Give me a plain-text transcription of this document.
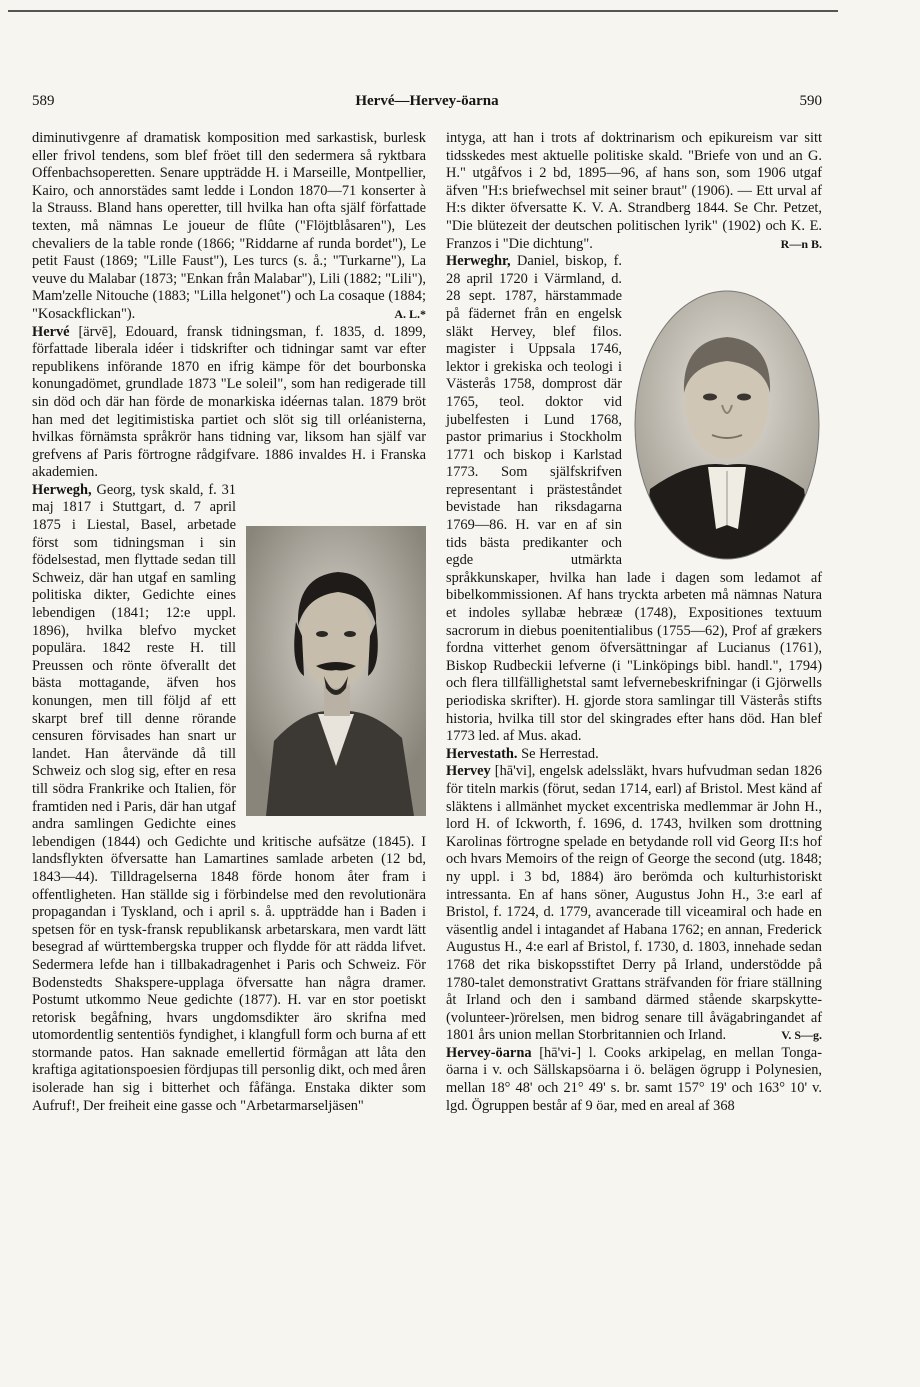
589	Hervé—Hervey-öarna	590

diminutivgenre af dramatisk komposition med sarkastisk, burlesk eller frivol tendens, som blef fröet till den sedermera så ryktbara Offenbachsoperetten. Senare uppträdde H. i Marseille, Montpellier, Kairo, och annorstädes samt ledde i London 1870—71 konserter à la Strauss. Bland hans operetter, till hvilka han ofta själf författade texten, må nämnas Le joueur de flûte ("Flöjtblåsaren"), Les chevaliers de la table ronde (1866; "Riddarne af runda bordet"), Le petit Faust (1869; "Lille Faust"), Les turcs (s. å.; "Turkarne"), La veuve du Malabar (1873; "Enkan från Malabar"), Lili (1882; "Lili"), Mam'zelle Nitouche (1883; "Lilla helgonet") och La cosaque (1884; "Kosackflickan").	A. L.*

Hervé [ärvē], Edouard, fransk tidningsman, f. 1835, d. 1899, författade liberala idéer i tidskrifter och tidningar samt var efter republikens införande 1870 en ifrig kämpe för det bourbonska konungadömet, grundlade 1873 "Le soleil", som han redigerade till sin död och där han förde de monarkiska idéernas talan. 1879 bröt han med det legitimistiska partiet och slöt sig till orléanisterna, hvilkas förnämsta språkrör hans tidning var, liksom han själf var grefvens af Paris förtrogne rådgifvare. 1886 invaldes H. i Franska akademien.

Herwegh, Georg, tysk skald, f. 31 maj 1817 i Stuttgart, d. 7 april 1875 i Liestal, Basel, arbetade först som tidningsman i sin födelsestad, men flyttade sedan till Schweiz, där han utgaf en samling politiska dikter, Gedichte eines lebendigen (1841; 12:e uppl. 1896), hvilka blefvo mycket populära. 1842 reste H. till Preussen och rönte öfverallt det bästa mottagande, äfven hos konungen, men till följd af ett skarpt bref till denne rörande censuren förvisades han snart ur landet. Han återvände då till Schweiz och slog sig, efter en resa till södra Frankrike och Italien, för framtiden ned i Paris, där han utgaf andra samlingen Gedichte eines lebendigen (1844) och Gedichte und kritische aufsätze (1845). I landsflykten öfversatte han Lamartines samlade arbeten (12 bd, 1843—44). Tilldragelserna 1848 förde honom åter fram i offentligheten. Han ställde sig i förbindelse med den revolutionära propagandan i Tyskland, och i april s. å. uppträdde han i Baden i spetsen för en tysk-fransk republikansk arbetarskara, men vardt lätt besegrad af württembergska trupper och flydde för att rädda lifvet. Sedermera lefde han i tillbakadragenhet i Paris och Schweiz. För Bodenstedts Shakspere-upplaga öfversatte han några dramer. Postumt utkommo Neue gedichte (1877). H. var en stor poetiskt retorisk begåfning, hvars ungdomsdikter äro skrifna med utomordentlig sententiös fyndighet, i klangfull form och burna af ett stormande patos. Han saknade emellertid förmågan att låta den kraftiga agitationspoesien fördjupas till personlig dikt, och med åren isolerade han sig i bitterhet och fåfänga. Enstaka dikter som Aufruf!, Der freiheit eine gasse och "Arbetarmarseljäsen"

intyga, att han i trots af doktrinarism och epikureism var sitt tidsskedes mest aktuelle politiske skald. "Briefe von und an G. H." utgåfvos i 2 bd, 1895—96, af hans son, som 1906 utgaf äfven "H:s briefwechsel mit seiner braut" (1906). — Ett urval af H:s dikter öfversatte K. V. A. Strandberg 1844. Se Chr. Petzet, "Die blütezeit der deutschen politischen lyrik" (1902) och K. E. Franzos i "Die dichtung".	R—n B.

Herweghr, Daniel, biskop, f. 28 april 1720 i Värmland, d. 28 sept. 1787, härstammade på fädernet från en engelsk släkt Hervey, blef filos. magister i Uppsala 1746, lektor i grekiska och teologi i Västerås 1758, domprost där 1765, teol. doktor vid jubelfesten i Lund 1768, pastor primarius i Stockholm 1771 och biskop i Karlstad 1773. Som själfskrifven representant i prästeståndet bevistade han riksdagarna 1769—86. H. var en af sin tids bästa predikanter och egde utmärkta språkkunskaper, hvilka han lade i dagen som ledamot af bibelkommissionen. Af hans tryckta arbeten må nämnas Natura et indoles syllabæ hebrææ (1748), Expositiones textuum sacrorum in diebus poenitentialibus (1755—62), Prof af grækers fordna vitterhet genom öfversättningar af Lucianus (1761), Biskop Rudbeckii lefverne (i "Linköpings bibl. handl.", 1794) och flera tillfällighetstal samt lefvernebeskrifningar (i Gjörwells periodiska skrifter). H. gjorde stora samlingar till Västerås stifts historia, hvilka till stor del skingrades efter hans död. Han blef 1773 led. af Mus. akad.

Hervestath. Se Herrestad.

Hervey [hā'vi], engelsk adelssläkt, hvars hufvudman sedan 1826 för titeln markis (förut, sedan 1714, earl) af Bristol. Mest känd af släktens i allmänhet mycket excentriska medlemmar är John H., lord H. of Ickworth, f. 1696, d. 1743, hvilken som drottning Karolinas förtrogne spelade en betydande roll vid Georg II:s hof och hvars Memoirs of the reign of George the second (utg. 1848; ny uppl. i 3 bd, 1884) äro berömda och kulturhistoriskt intressanta. En af hans söner, Augustus John H., 3:e earl af Bristol, f. 1724, d. 1779, avancerade till viceamiral och hade en väsentlig andel i intagandet af Habana 1762; en annan, Frederick Augustus H., 4:e earl af Bristol, f. 1730, d. 1803, innehade sedan 1768 det rika biskopsstiftet Derry på Irland, understödde på 1780-talet demonstrativt Grattans sträfvanden för friare ställning åt Irland och den i samband därmed stående skarpskytte-(volunteer-)rörelsen, men bidrog senare till åvägabringandet af 1801 års union mellan Storbritannien och Irland.	V. S—g.

Hervey-öarna [hā'vi-] l. Cooks arkipelag, en mellan Tonga-öarna i v. och Sällskapsöarna i ö. belägen ögrupp i Polynesien, mellan 18° 48' och 21° 49' s. br. samt 157° 19' och 163° 10' v. lgd. Ögruppen består af 9 öar, med en areal af 368
